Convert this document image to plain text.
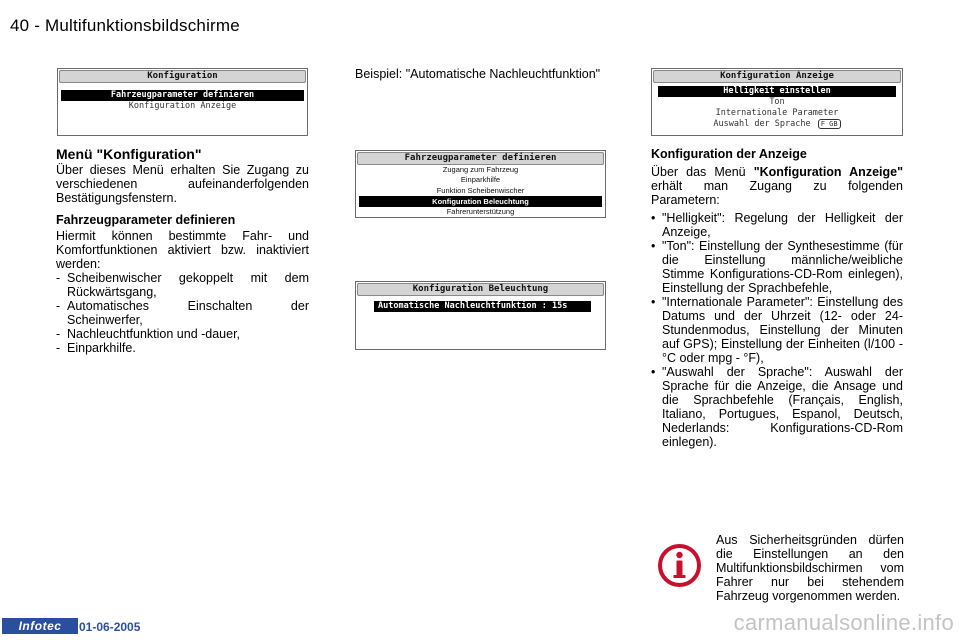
40 - Multifunktionsbildschirme
Konfiguration
Fahrzeugparameter definieren
Konfiguration Anzeige
Fahrzeugparameter definieren
Zugang zum Fahrzeug
Einparkhilfe
Funktion Scheibenwischer
Konfiguration Beleuchtung
Fahrerunterstützung
Konfiguration Beleuchtung
Automatische Nachleuchtfunktion : 15s
Konfiguration Anzeige
Helligkeit einstellen
Ton
Internationale Parameter
Auswahl der Sprache F GB
Menü "Konfiguration"
Über dieses Menü erhalten Sie Zugang zu verschiedenen aufeinanderfolgenden Bestätigungsfenstern.
Fahrzeugparameter definieren
Hiermit können bestimmte Fahr- und Komfortfunktionen aktiviert bzw. inaktiviert werden:
- Scheibenwischer gekoppelt mit dem Rückwärtsgang,
- Automatisches Einschalten der Scheinwerfer,
- Nachleuchtfunktion und -dauer,
- Einparkhilfe.
Beispiel: "Automatische Nachleuchtfunktion"
Konfiguration der Anzeige
Über das Menü "Konfiguration Anzeige" erhält man Zugang zu folgenden Parametern:
• "Helligkeit": Regelung der Helligkeit der Anzeige,
• "Ton": Einstellung der Synthesestimme (für die Einstellung männliche/weibliche Stimme Konfigurations-CD-Rom einlegen), Einstellung der Sprachbefehle,
• "Internationale Parameter": Einstellung des Datums und der Uhrzeit (12- oder 24-Stundenmodus, Einstellung der Minuten auf GPS); Einstellung der Einheiten (l/100 - °C oder mpg - °F),
• "Auswahl der Sprache": Auswahl der Sprache für die Anzeige, die Ansage und die Sprachbefehle (Français, English, Italiano, Portugues, Espanol, Deutsch, Nederlands: Konfigurations-CD-Rom einlegen).
Aus Sicherheitsgründen dürfen die Einstellungen an den Multifunktionsbildschirmen vom Fahrer nur bei stehendem Fahrzeug vorgenommen werden.
Infotec	01-06-2005	carmanualsonline.info
